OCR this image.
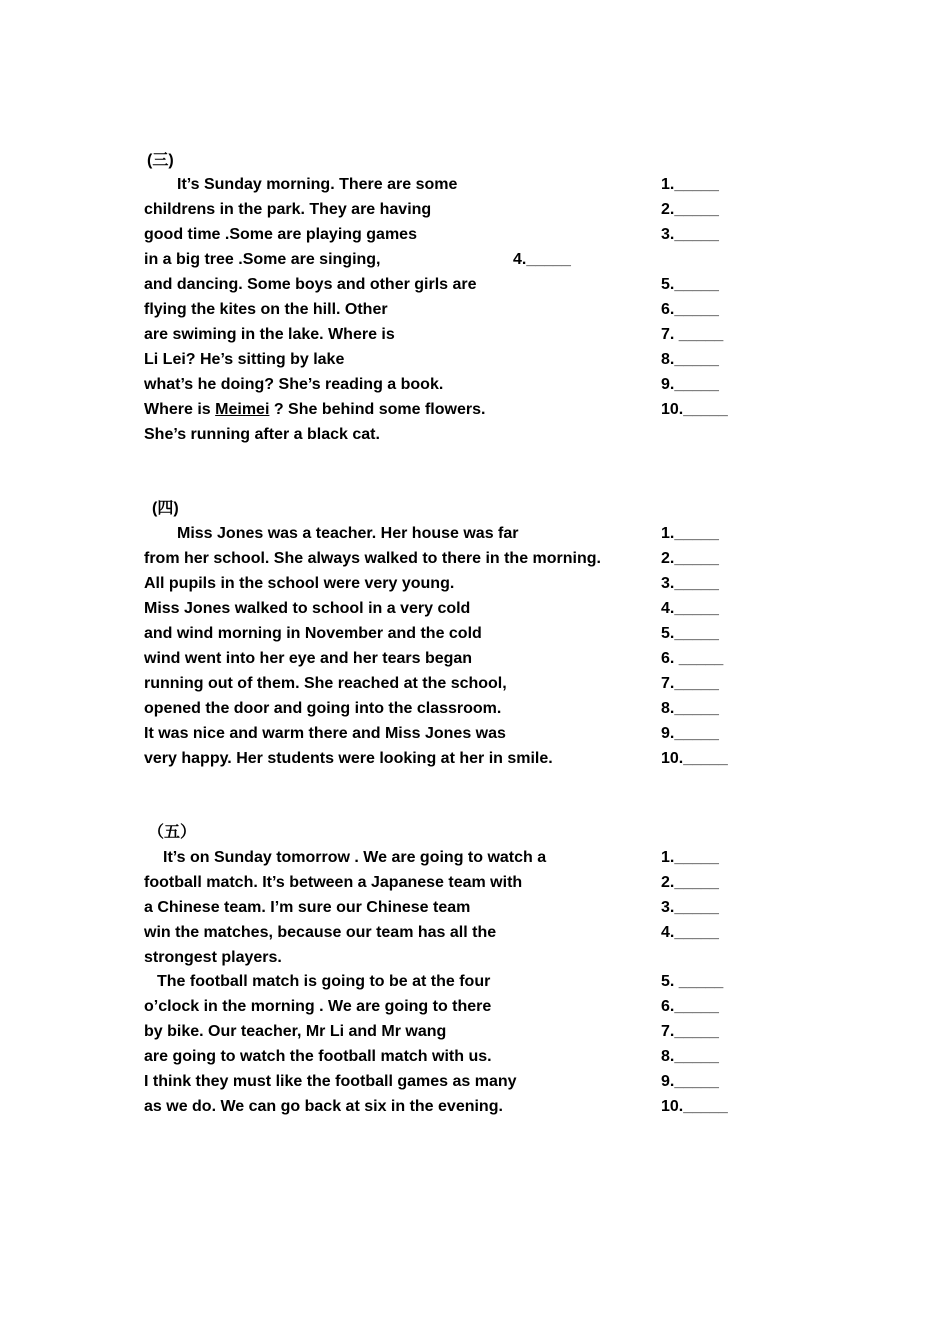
(三)
It’s Sunday morning. There are some
childrens in the park. They are having
good time .Some are playing games
in a big tree .Some are singing,
and dancing. Some boys and other girls are
flying the kites on the hill. Other
are swiming in the lake. Where is
Li Lei? He’s sitting by lake
what’s he doing? She’s reading a book.
Where is Meimei ? She behind some flowers.
She’s running after a black cat.
1._____
2._____
3._____
4._____
5._____
6._____
7. _____
8._____
9._____
10._____
(四)
Miss Jones was a teacher. Her house was far
from her school. She always walked to there in the morning.
All pupils in the school were very young.
Miss Jones walked to school in a very cold
and wind morning in November and the cold
wind went into her eye and her tears began
running out of them. She reached at the school,
opened the door and going into the classroom.
It was nice and warm there and Miss Jones was
very happy. Her students were looking at her in smile.
1._____
2._____
3._____
4._____
5._____
6. _____
7._____
8._____
9._____
10._____
（五）
It’s on Sunday tomorrow . We are going to watch a
football match. It’s between a Japanese team with
a Chinese team. I’m sure our Chinese team
win the matches, because our team has all the
strongest players.
The football match is going to be at the four
o’clock in the morning . We are going to there
by bike. Our teacher, Mr Li and Mr wang
are going to watch the football match with us.
I think they must like the football games as many
as we do. We can go back at six in the evening.
1._____
2._____
3._____
4._____
5. _____
6._____
7._____
8._____
9._____
10._____
